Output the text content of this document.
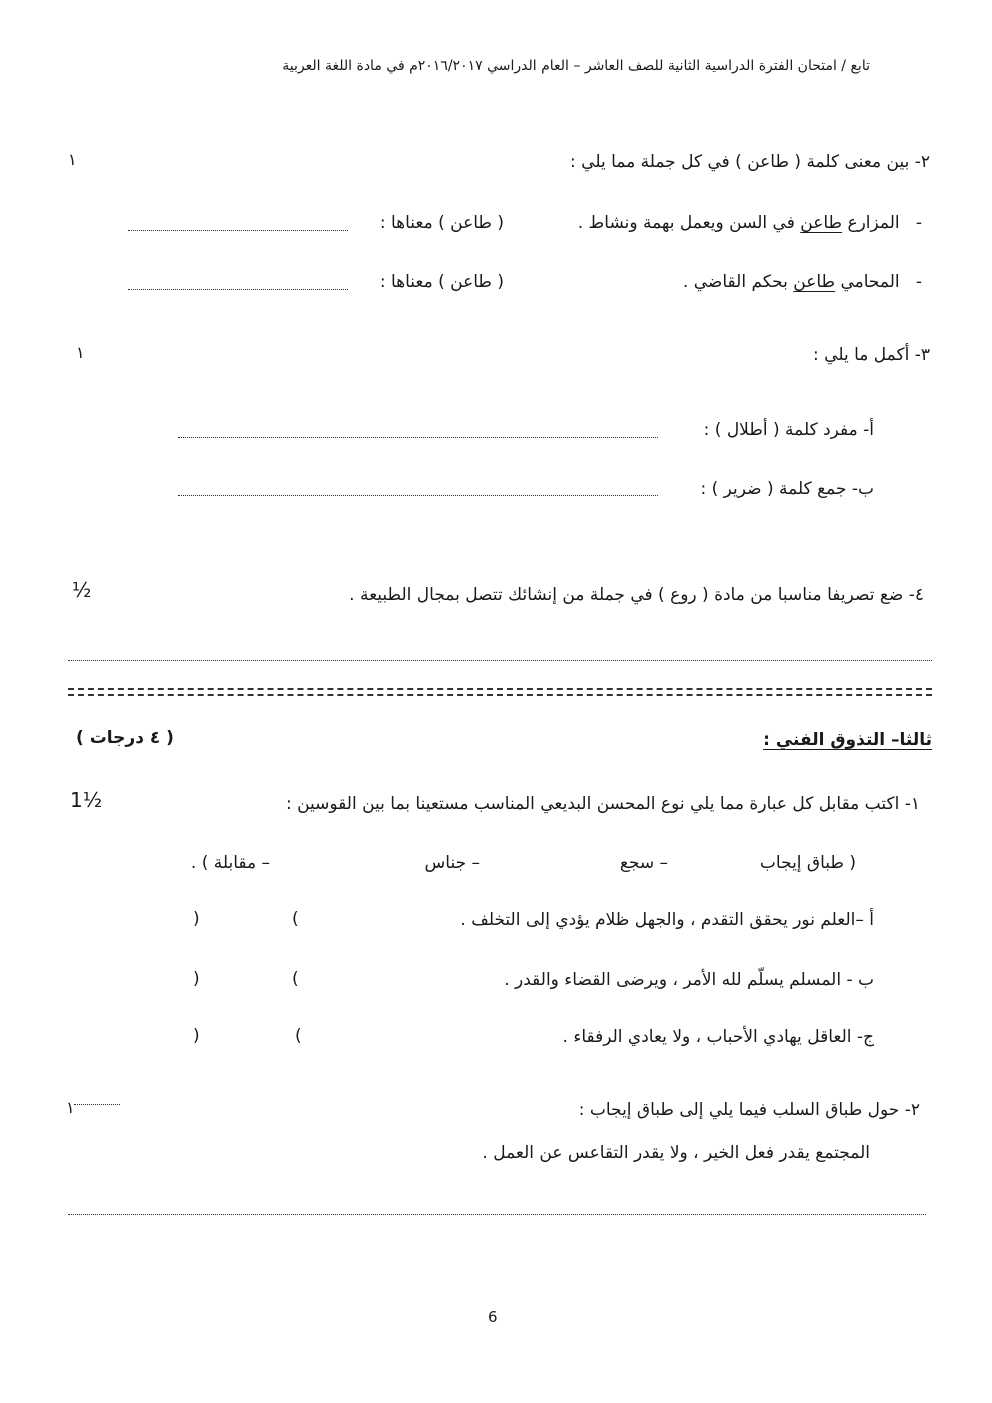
تابع / امتحان الفترة الدراسية الثانية للصف العاشر – العام الدراسي ٢٠١٦/٢٠١٧م في مادة اللغة العربية
٢- بين معنى كلمة ( طاعن ) في كل جملة مما يلي :
١
-   المزارع طاعن في السن ويعمل بهمة ونشاط .
( طاعن ) معناها :
-   المحامي طاعن بحكم القاضي .
( طاعن ) معناها :
٣- أكمل ما يلي :
١
أ- مفرد كلمة ( أطلال ) :
ب- جمع كلمة ( ضرير ) :
٤- ضع تصريفا مناسبا من مادة ( روع ) في جملة من إنشائك تتصل بمجال الطبيعة .
½
ثالثا– التذوق الفني :
( ٤ درجات )
١- اكتب مقابل كل عبارة مما يلي نوع المحسن البديعي المناسب مستعينا بما بين القوسين :
1½
( طباق إيجاب
– سجع
– جناس
– مقابلة ) .
أ –العلم نور يحقق التقدم ، والجهل ظلام يؤدي إلى التخلف .
(
)
ب - المسلم يسلّم لله الأمر ، ويرضى القضاء والقدر .
(
)
ج- العاقل يهادي الأحباب ، ولا يعادي الرفقاء .
(
)
٢- حول طباق السلب فيما يلي إلى طباق إيجاب :
١
المجتمع يقدر فعل الخير ، ولا يقدر التقاعس عن العمل .
6
